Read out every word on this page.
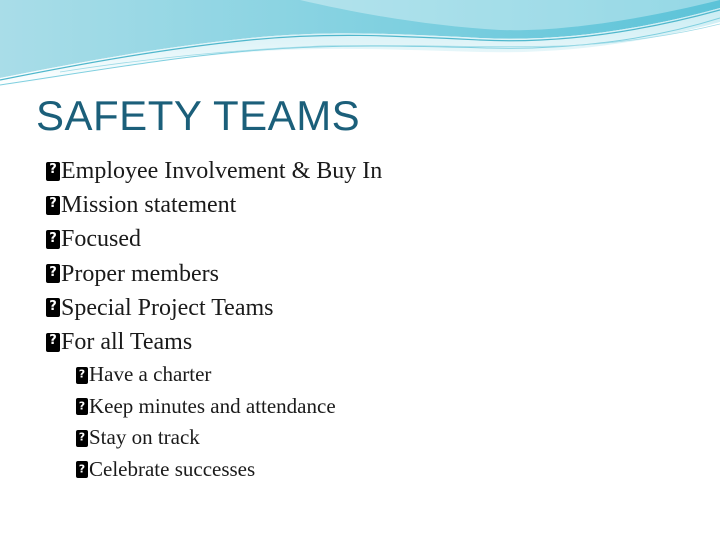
SAFETY TEAMS
?
Employee Involvement & Buy In
?
Mission statement
?
Focused
?
Proper members
?
Special Project Teams
?
For all Teams
?
Have a charter
?
Keep minutes and attendance
?
Stay on track
?
Celebrate successes
